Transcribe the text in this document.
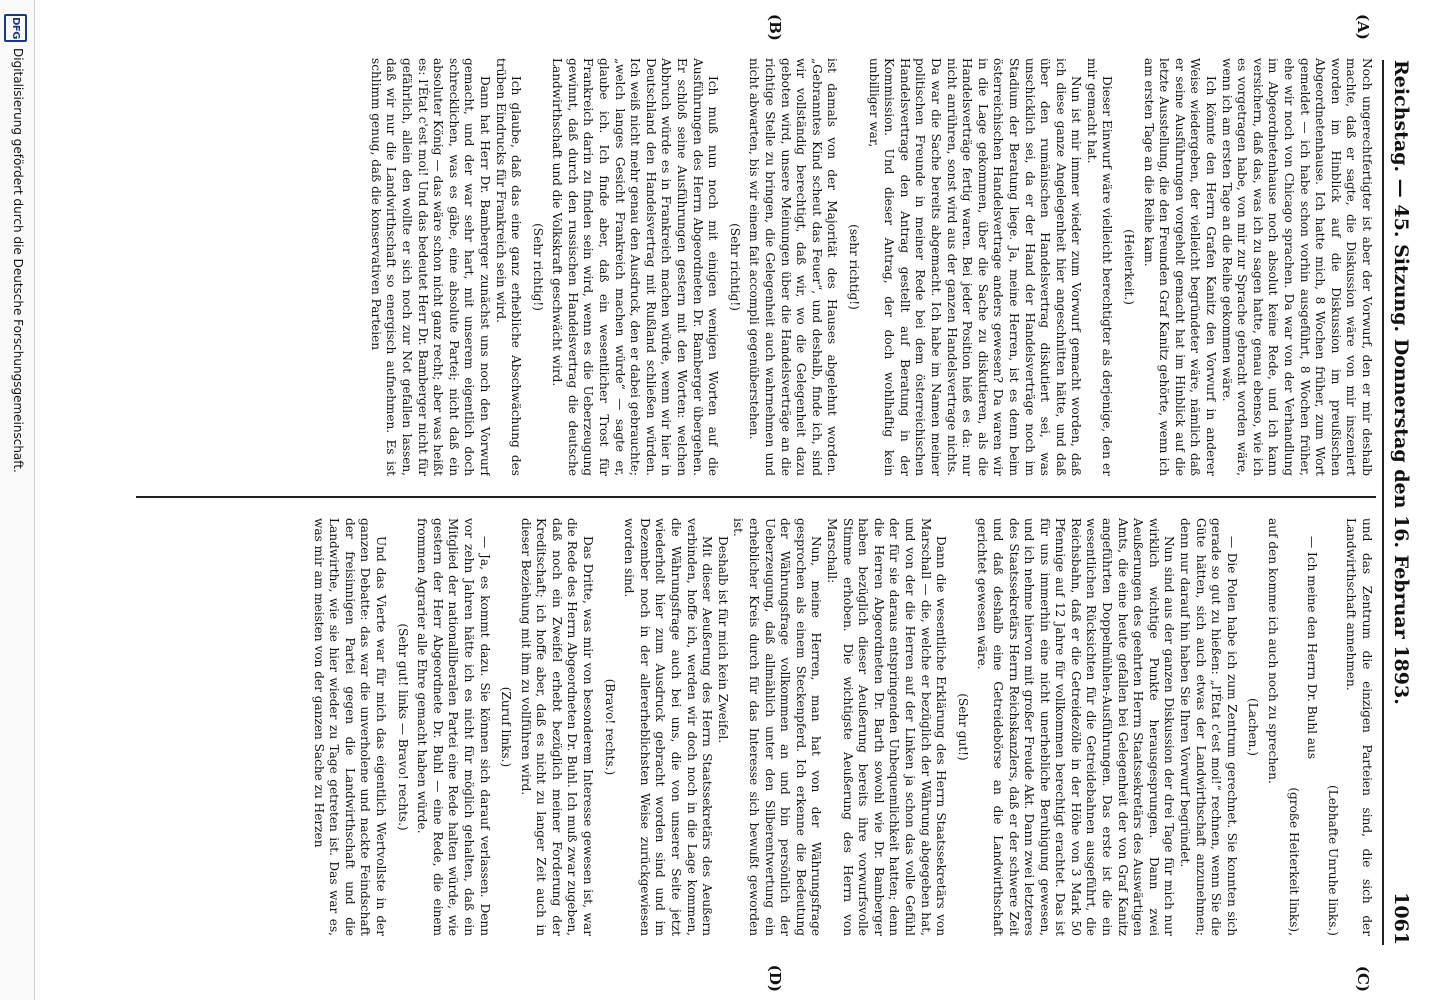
Reichstag. — 45. Sitzung. Donnerstag den 16. Februar 1893.
1061
(A)
(B)
(C)
(D)

Noch ungerechtfertigter ist aber der Vorwurf, den er mir deshalb machte, daß er sagte, die Diskussion wäre von mir inszeniert worden im Hinblick auf die Diskussion im preußischen Abgeordnetenhause. Ich hatte mich, 8 Wochen früher, zum Wort gemeldet — ich habe schon vorhin ausgeführt, 8 Wochen früher, ehe wir noch von Chicago sprachen. Da war von der Verhandlung im Abgeordnetenhause noch absolut keine Rede, und ich kann versichern, daß das, was ich zu sagen hatte, genau ebenso, wie ich es vorgetragen habe, von mir zur Sprache gebracht worden wäre, wenn ich am ersten Tage an die Reihe gekommen wäre.

Ich könnte den Herrn Grafen Kanitz den Vorwurf in anderer Weise wiedergeben, der vielleicht begründeter wäre, nämlich daß er seine Ausführungen vorgeholt gemacht hat im Hinblick auf die letzte Ausstellung, die den Freunden Graf Kanitz gehörte, wenn ich am ersten Tage an die Reihe kam.

(Heiterkeit.)

Dieser Einwurf wäre vielleicht berechtigter als derjenige, den er mir gemacht hat.

Nun ist mir immer wieder zum Vorwurf gemacht worden, daß ich diese ganze Angelegenheit hier angeschnitten hätte, und daß über den rumänischen Handelsvertrag diskutiert sei, was unschicklich sei, da er der Hand der Handelsverträge noch im Stadium der Beratung liege. Ja, meine Herren, ist es denn beim österreichischen Handelsvertrage anders gewesen? Da waren wir in die Lage gekommen, über die Sache zu diskutieren, als die Handelsverträge fertig waren. Bei jeder Position hieß es da: nur nicht anrühren, sonst wird aus der ganzen Handelsvertrage nichts. Da war die Sache bereits abgemacht. Ich habe im Namen meiner politischen Freunde in meiner Rede bei dem österreichischen Handelsvertrage den Antrag gestellt auf Beratung in der Kommission. Und dieser Antrag, der doch wohlhaftig kein unbilliger war,

(sehr richtig!)

ist damals von der Majorität des Hauses abgelehnt worden. „Gebranntes Kind scheut das Feuer“, und deshalb, finde ich, sind wir vollständig berechtigt, daß wir, wo die Gelegenheit dazu geboten wird, unsere Meinungen über die Handelsverträge an die richtige Stelle zu bringen, die Gelegenheit auch wahrnehmen und nicht abwarten, bis wir einem fait accompli gegenüberstehen.

(Sehr richtig!)

Ich muß nun noch mit einigen wenigen Worten auf die Ausführungen des Herrn Abgeordneten Dr. Bamberger übergehen. Er schloß seine Ausführungen gestern mit den Worten: welchen Abbruch würde es in Frankreich machen würde, wenn wir hier in Deutschland den Handelsvertrag mit Rußland schließen würden. Ich weiß nicht mehr genau den Ausdruck, den er dabei gebrauchte; „welch langes Gesicht Frankreich machen würde“ — sagte er, glaube ich. Ich finde aber, daß ein wesentlicher Trost für Frankreich darin zu finden sein wird, wenn es die Ueberzeugung gewinnt, daß durch den russischen Handelsvertrag die deutsche Landwirthschaft und die Volkskraft geschwächt wird.

(Sehr richtig!)

Ich glaube, daß das eine ganz erhebliche Abschwächung des trüben Eindrucks für Frankreich sein wird.

Dann hat Herr Dr. Bamberger zunächst uns noch den Vorwurf gemacht, und der war sehr hart, mit unserem eigentlich doch schrecklichen, was es gäbe, eine absolute Partei; nicht daß ein absoluter König — das wäre schon nicht ganz recht; aber was heißt es: l'État c'est moi! Und das bedeutet Herr Dr. Bamberger nicht für gefährlich, allein den wollte er sich noch zur Not gefallen lassen, daß wir nur die Landwirthschaft so energisch aufnehmen. Es ist schlimm genug, daß die konservativen Parteien

und das Zentrum die einzigen Parteien sind, die sich der Landwirthschaft annehmen.

(Lebhafte Unruhe links.)

— Ich meine den Herrn Dr. Buhl aus

(große Heiterkeit links),

auf den komme ich auch noch zu sprechen.

(Lachen.)

— Die Polen habe ich zum Zentrum gerechnet. Sie konnten sich gerade so gut zu hießen: „l'État c'est moi!“ rechnen, wenn Sie die Güte hätten, sich auch etwas der Landwirthschaft anzunehmen; denn nur darauf hin haben Sie Ihren Vorwurf begründet.

Nun sind aus der ganzen Diskussion der drei Tage für mich nur wirklich wichtige Punkte herausgesprungen. Dann zwei Aeußerungen des geehrten Herrn Staatssekretärs des Auswärtigen Amts, die eine heute gefallen bei Gelegenheit der von Graf Kanitz angeführten Doppelmühlen-Ausführungen. Das erste ist die ein wesentlichen Rücksichten für die Getreidebahnen ausgeführt, die Reichsbahn, daß er die Getreidezölle in der Höhe von 3 Mark 50 Pfennige auf 12 Jahre für vollkommen berechtigt erachtet. Das ist für uns immerhin eine nicht unerhebliche Beruhigung gewesen, und ich nehme hiervon mit großer Freude Akt. Dann zwei letzteres des Staatssekretärs Herrn Reichskanzlers, daß er der schwere Zeit und daß deshalb eine Getreidebörse an die Landwirthschaft gerichtet gewesen wäre.

(Sehr gut!)

Dann die wesentliche Erklärung des Herrn Staatssekretärs von Marschall — die, welche er bezüglich der Währung abgegeben hat, und von der die Herren auf der Linken ja schon das volle Gefühl der für sie daraus entspringenden Unbequemlichkeit hatten; denn die Herren Abgeordneten Dr. Barth sowohl wie Dr. Bamberger haben bezüglich dieser Aeußerung bereits ihre vorwurfsvolle Stimme erhoben. Die wichtigste Aeußerung des Herrn von Marschall:

Nun, meine Herren, man hat von der Währungsfrage gesprochen als einem Steckenpferd. Ich erkenne die Bedeutung der Währungsfrage vollkommen an und bin persönlich der Ueberzeugung, daß allmählich unter den Silberentwertung ein erheblicher Kreis durch für das Interesse sich bewußt geworden ist.

Deshalb ist für mich kein Zweifel.

Mit dieser Aeußerung des Herrn Staatssekretärs des Aeußern verbinden, hoffe ich, werden wir doch noch in die Lage kommen, die Währungsfrage auch bei uns, die von unserer Seite jetzt wiederholt hier zum Ausdruck gebracht worden sind und im Dezember noch in der allererheblichsten Weise zurückgewiesen worden sind.

(Bravo! rechts.)

Das Dritte, was mir von besonderem Interesse gewesen ist, war die Rede des Herrn Abgeordneten Dr. Buhl. Ich muß zwar zugeben, daß noch ein Zweifel erhebt bezüglich meiner Forderung der Kreditschaft; ich hoffe aber, daß es nicht zu langer Zeit auch in dieser Beziehung mit ihm zu vollführen wird.

(Zuruf links.)

— Ja, es kommt dazu. Sie können sich darauf verlassen. Denn vor zehn Jahren hätte ich es nicht für möglich gehalten, daß ein Mitglied der nationalliberalen Partei eine Rede halten würde, wie gestern der Herr Abgeordnete Dr. Buhl — eine Rede, die einem frommen Agrarier alle Ehre gemacht haben würde.

(Sehr gut! links — Bravo! rechts.)

Und das Vierte war für mich das eigentlich Wertvollste in der ganzen Debatte: das war die unverholene und nackte Feindschaft der freisinnigen Partei gegen die Landwirthschaft und die Landwirthe, wie sie hier wieder zu Tage getreten ist. Das war es, was mir am meisten von der ganzen Sache zu Herzen

DFG
Digitalisierung gefördert durch die Deutsche Forschungsgemeinschaft.
